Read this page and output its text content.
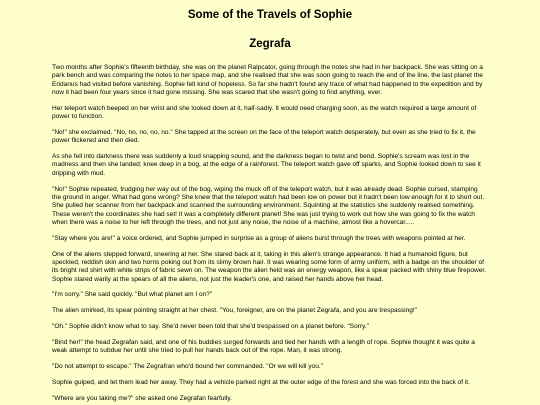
Some of the Travels of Sophie
Zegrafa

Two months after Sophie's fifteenth birthday, she was on the planet Ralpcator, going through the notes she had in her backpack. She was sitting on a park bench and was comparing the notes to her space map, and she realised that she was soon going to reach the end of the line, the last planet the Eridanus had visited before vanishing. Sophie felt kind of hopeless. So far she hadn't found any trace of what had happened to the expedition and by now it had been four years since it had gone missing. She was scared that she wasn't going to find anything, ever.

Her teleport watch beeped on her wrist and she looked down at it, half-sadly. It would need charging soon, as the watch required a large amount of power to function.

"No!" she exclaimed. "No, no, no, no, no." She tapped at the screen on the face of the teleport watch desperately, but even as she tried to fix it, the power flickered and then died.

As she fell into darkness there was suddenly a loud snapping sound, and the darkness began to twist and bend. Sophie's scream was lost in the madness and then she landed; knee deep in a bog, at the edge of a rainforest. The teleport watch gave off sparks, and Sophie looked down to see it dripping with mud.

"No!" Sophie repeated, trudging her way out of the bog, wiping the muck off of the teleport watch, but it was already dead. Sophie cursed, stamping the ground in anger. What had gone wrong? She knew that the teleport watch had been low on power but it hadn't been low enough for it to short out. She pulled her scanner from her backpack and scanned the surrounding environment. Squinting at the statistics she suddenly realised something. These weren't the coordinates she had set! It was a completely different planet! She was just trying to work out how she was going to fix the watch when there was a noise to her left through the trees, and not just any noise, the noise of a machine, almost like a hovercar.....

"Stay where you are!" a voice ordered, and Sophie jumped in surprise as a group of aliens burst through the trees with weapons pointed at her.

One of the aliens stepped forward, sneering at her. She stared back at it, taking in this alien's strange appearance. It had a humanoid figure, but speckled, reddish skin and two horns poking out from its slimy brown hair. It was wearing some form of army uniform, with a badge on the shoulder of its bright red shirt with white strips of fabric sewn on. The weapon the alien held was an energy weapon, like a spear packed with shiny blue firepower. Sophie stared warily at the spears of all the aliens, not just the leader's one, and raised her hands above her head.

"I'm sorry." She said quickly. "But what planet am I on?"

The alien smirked, its spear pointing straight at her chest. "You, foreigner, are on the planet Zegrafa, and you are trespassing!"

"Oh." Sophie didn't know what to say. She'd never been told that she'd trespassed on a planet before. "Sorry."

"Bind her!" the head Zegrafan said, and one of his buddies surged forwards and tied her hands with a length of rope. Sophie thought it was quite a weak attempt to subdue her until she tried to pull her hands back out of the rope. Man, it was strong.

"Do not attempt to escape." The Zegrafran who'd bound her commanded. "Or we will kill you."

Sophie gulped, and let them lead her away. They had a vehicle parked right at the outer edge of the forest and she was forced into the back of it.

"Where are you taking me?" she asked one Zegrafan fearfully.
